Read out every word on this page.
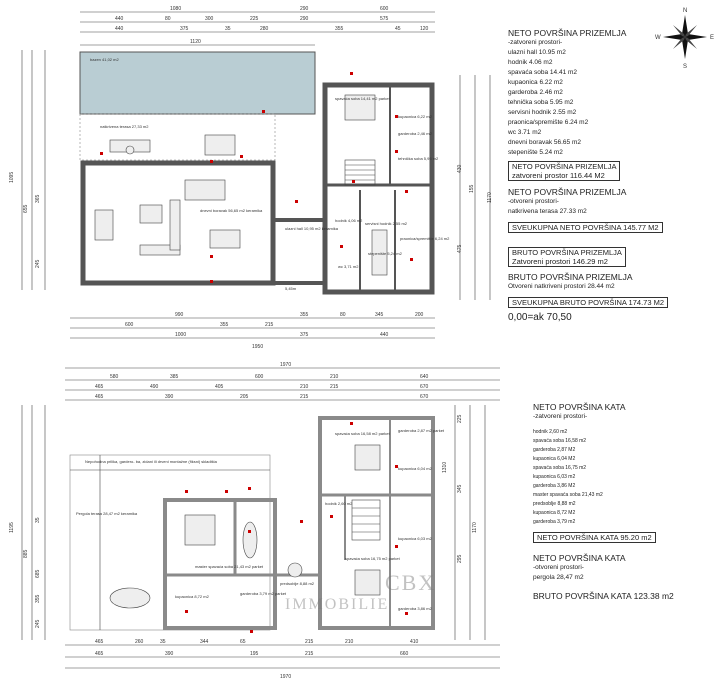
N
W	E
S
1080	290	600
440	80	300	225	290	575
440	375	35	280	355	45	120
1120
1095
655
365
245
1170
430
155
475
bazen 41,02 m2
natkrivena terasa 27,33 m2
dnevni boravak 56,65 m2 keramika
spavaća soba 14,41 m2 parket
kupaonica 6,22 m2
garderoba 2,46 m2
tehnička soba 5,95 m2
ulazni hall 10,95 m2 keramika
hodnik 4,06 m2
servisni hodnik 2,55 m2
praonica/spremište 6,24 m2
wc 3,71 m2
stepenište 5,24 m2
5,45m
990	355	80	345	200
600	355	215
1000	375	440
1950
1970
580	385	600	210	640
465	490	405	210	215	670
465	390	205	215	670
1195
885
685
35
355
245
1310
225
345
295
1170
Pergola terasa 28,47 m2 keramika
Nepohodna prilika, gardero- ba, zidani ili drveni montažne (fiksni) skladišta
spavaća soba 16,58 m2 parket
garderoba 2,87 m2 parket
kupaonica 6,04 m2
spavaća soba 16,75 m2 parket
kupaonica 6,03 m2
garderoba 3,86 m2
master spavaća soba 21,43 m2 parket
predsoblje 8,88 m2
kupaonica 8,72 m2
garderoba 3,79 m2 parket
hodnik 2,60 m2
465	260	35	344	65	215	210	410
465	390	195	215	660
1970

NETO POVRŠINA PRIZEMLJA

-zatvoreni prostori-

ulazni hall 10.95 m2

hodnik 4.06 m2

spavaća soba 14.41 m2

kupaonica 6.22 m2

garderoba 2.46 m2

tehnička soba 5.95 m2

servisni hodnik 2.55 m2

praonica/spremište 6.24 m2

wc 3.71 m2

dnevni boravak 56.65 m2

stepenište 5.24 m2

NETO POVRŠINA PRIZEMLJA
zatvoreni prostor 116.44 M2

NETO POVRŠINA PRIZEMLJA

-otvoreni prostori-

natkrivena terasa 27.33 m2

SVEUKUPNA NETO POVRŠINA 145.77 M2
BRUTO POVRŠINA PRIZEMLJA
Zatvoreni prostori 146.29 m2

BRUTO POVRŠINA PRIZEMLJA

Otvoreni natkriveni prostori 28.44 m2

SVEUKUPNA BRUTO POVRŠINA 174.73 M2

0,00=ak 70,50

NETO POVRŠINA KATA

-zatvoreni prostori-

hodnik 2,60 m2

spavaća soba 16,58 m2

garderoba 2,87 M2

kupaonica 6,04 M2

spavaća soba 16,75 m2

kupaonica 6,03 m2

garderoba 3,86 M2

master spavaća soba 21,43 m2

predsoblje 8,88 m2

kupaonica 8,72 M2

garderoba 3,79 m2

NETO POVRŠINA KATA 95.20 m2

NETO POVRŠINA KATA

-otvoreni prostori-

pergola 28,47 m2

BRUTO POVRŠINA KATA 123.38 m2

CBX
IMMOBILIE
